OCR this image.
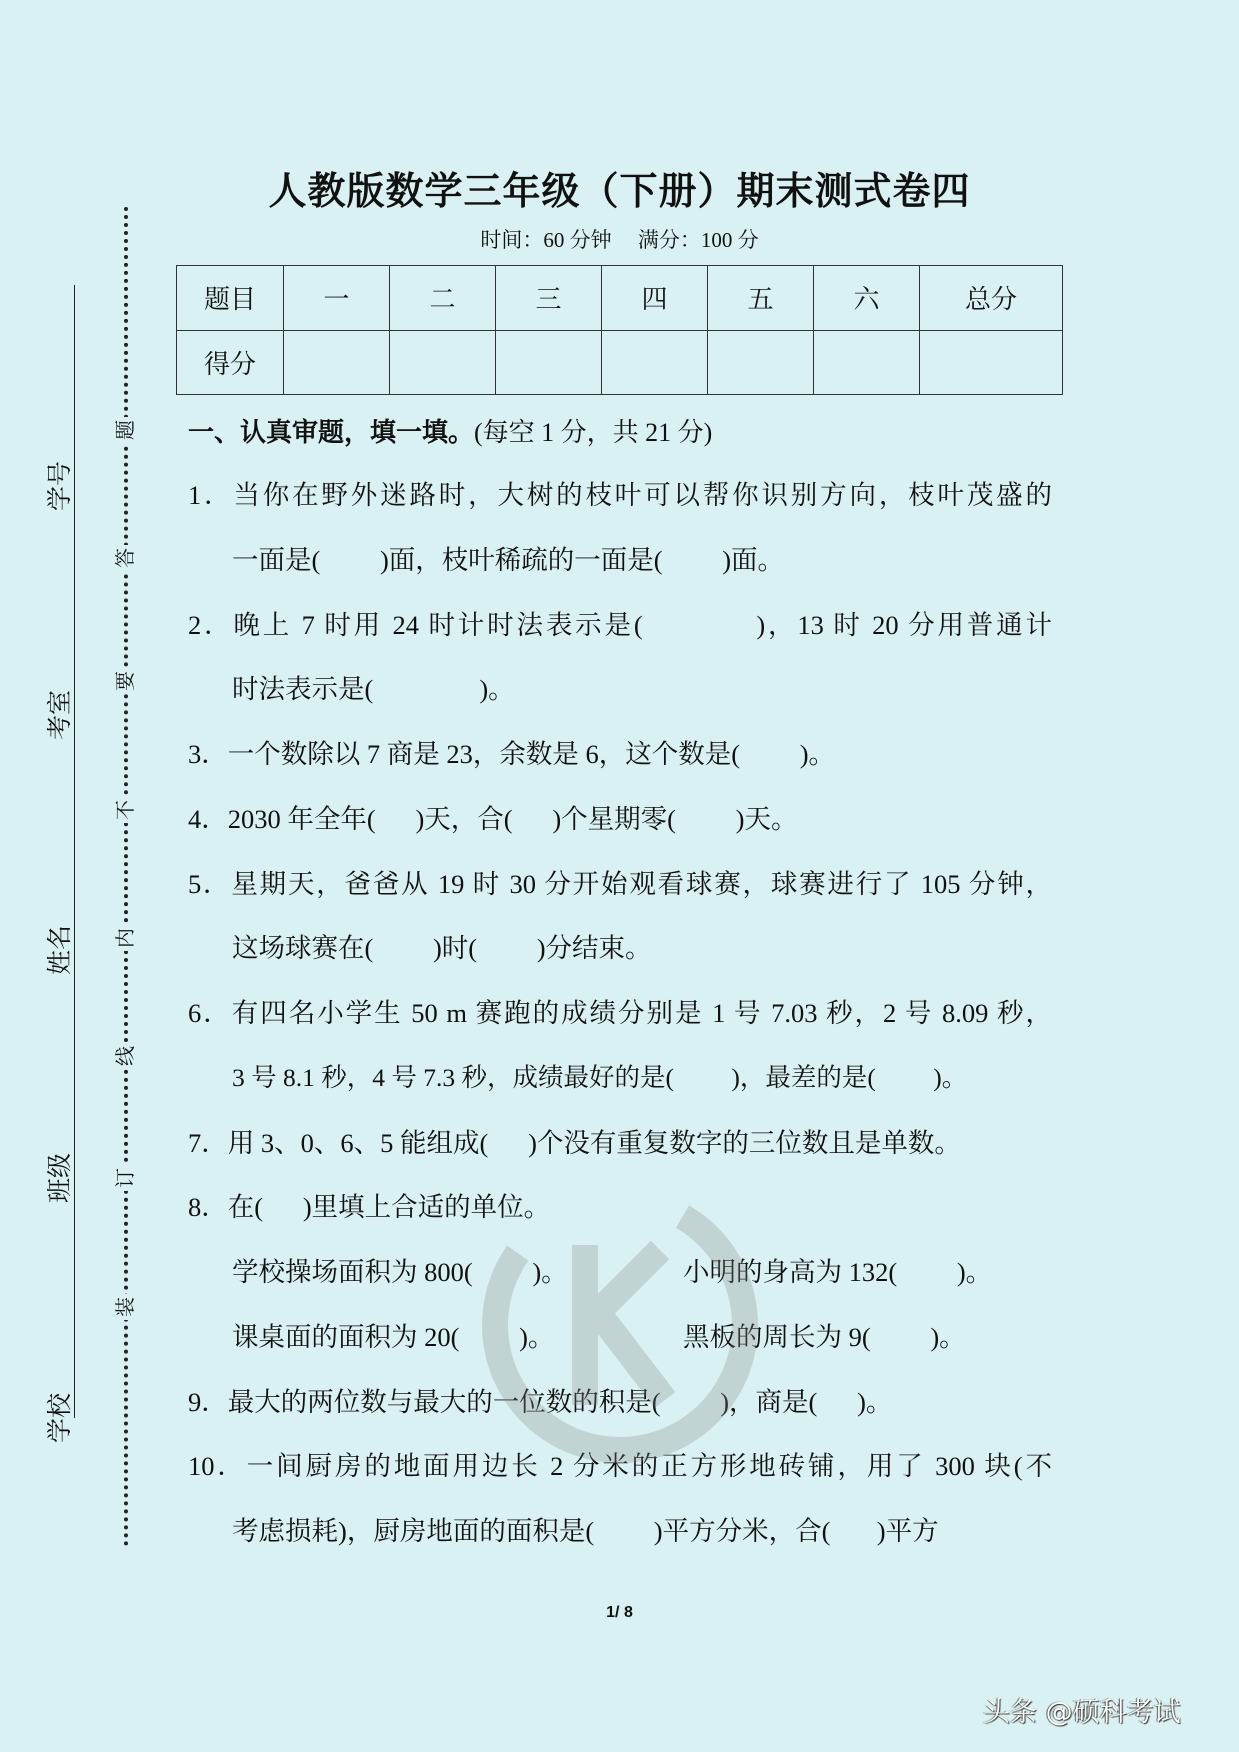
学号
考室
姓名
班级
学校
题
答
要
不
内
线
订
装
人教版数学三年级（下册）期末测式卷四
时间：60 分钟     满分：100 分
题目	一	二	三	四	五	六	总分
得分							
一、认真审题，填一填。(每空 1 分，共 21 分)
1．当你在野外迷路时，大树的枝叶可以帮你识别方向，枝叶茂盛的
一面是(         )面，枝叶稀疏的一面是(         )面。
2．晚上 7 时用 24 时计时法表示是(            )，13 时 20 分用普通计
时法表示是(                )。
3．一个数除以 7 商是 23，余数是 6，这个数是(         )。
4．2030 年全年(      )天，合(      )个星期零(         )天。
5．星期天，爸爸从 19 时 30 分开始观看球赛，球赛进行了 105 分钟，
这场球赛在(         )时(         )分结束。
6．有四名小学生 50 m 赛跑的成绩分别是 1 号 7.03 秒，2 号 8.09 秒，
3 号 8.1 秒，4 号 7.3 秒，成绩最好的是(         )，最差的是(         )。
7．用 3、0、6、5 能组成(      )个没有重复数字的三位数且是单数。
8．在(      )里填上合适的单位。
学校操场面积为 800(         )。	小明的身高为 132(         )。
课桌面的面积为 20(         )。	黑板的周长为 9(         )。
9．最大的两位数与最大的一位数的积是(         )，商是(      )。
10．一间厨房的地面用边长 2 分米的正方形地砖铺，用了 300 块(不
考虑损耗)，厨房地面的面积是(         )平方分米，合(       )平方
1/ 8
头条 @硕科考试
